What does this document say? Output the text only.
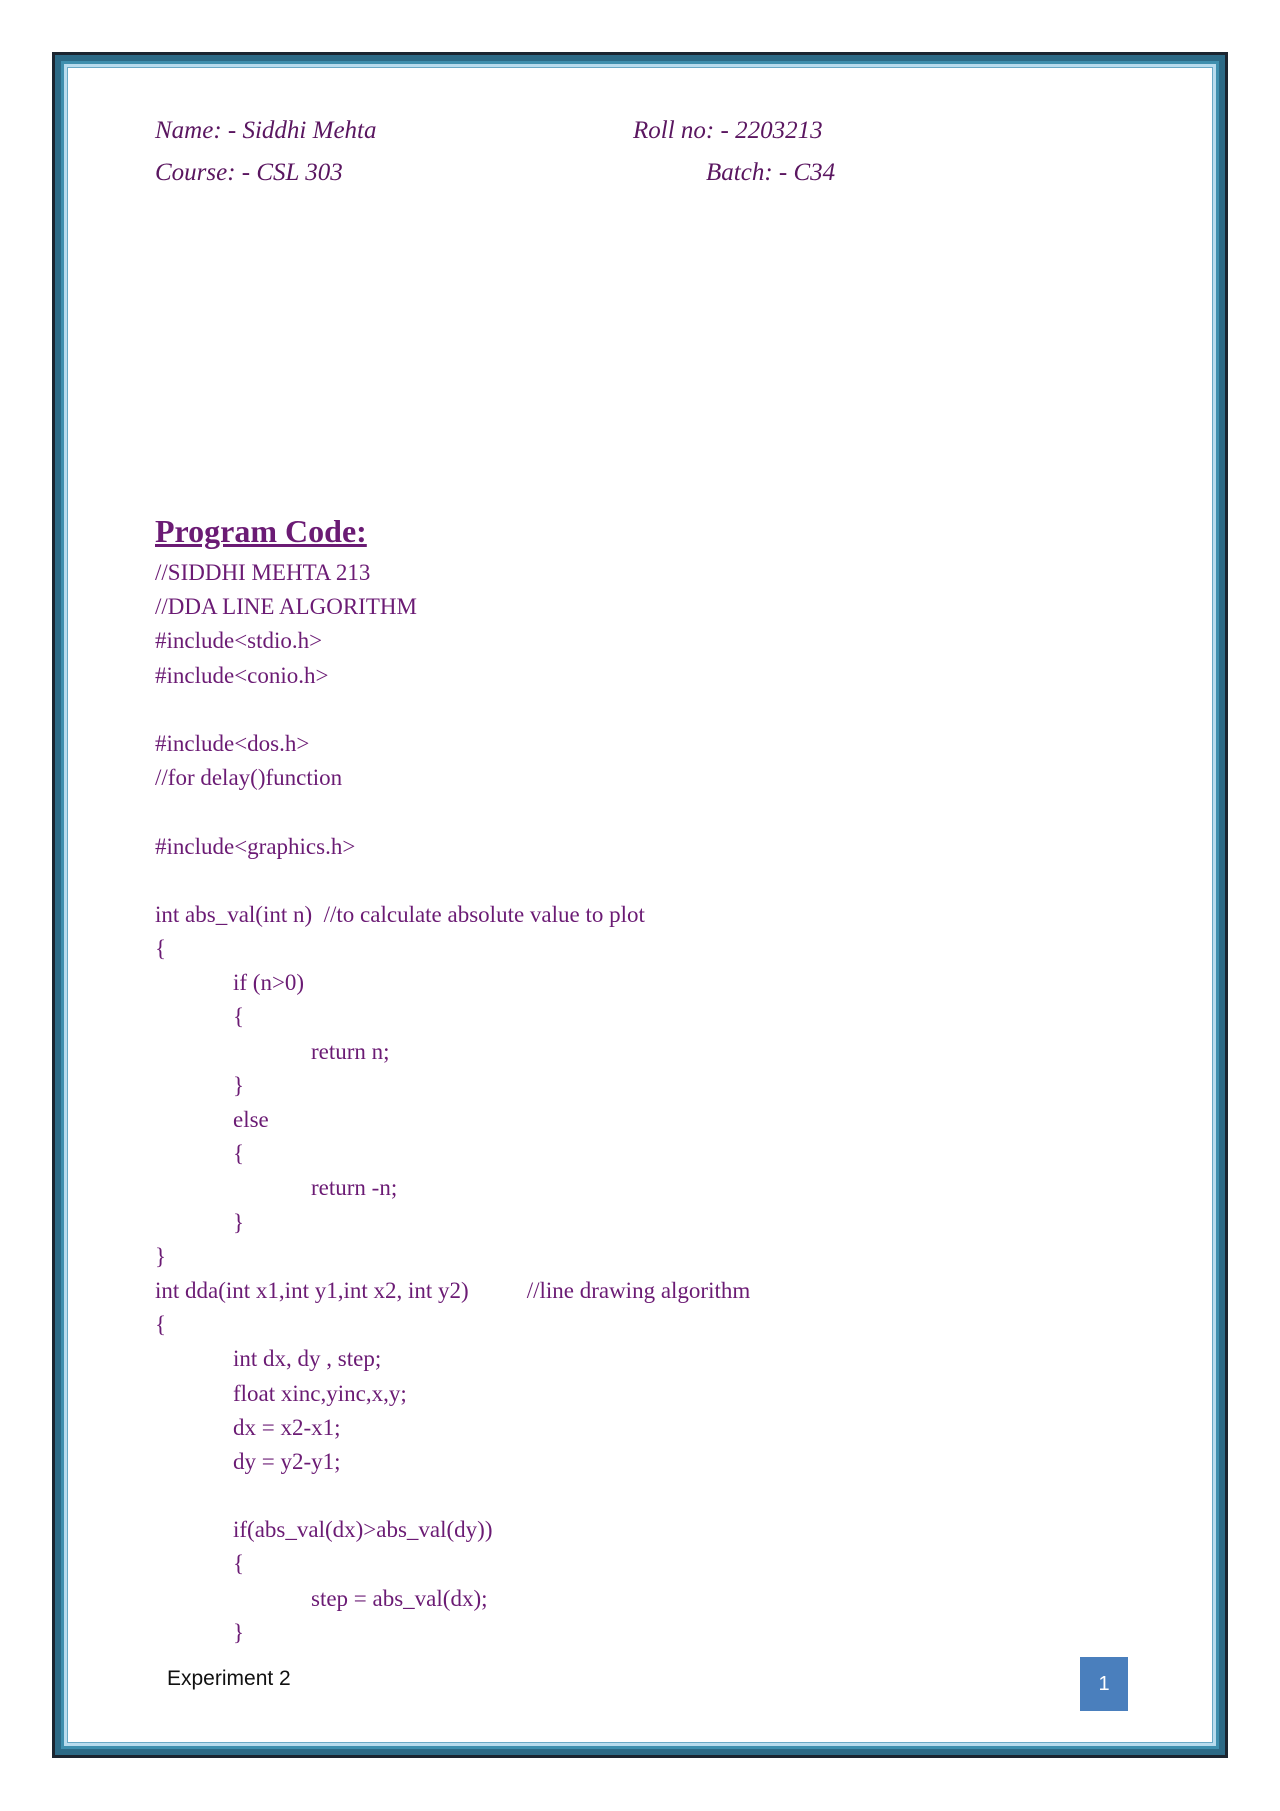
Name: - Siddhi Mehta	Roll no: - 2203213
Course: - CSL 303	Batch: - C34
Program Code:
//SIDDHI MEHTA 213
//DDA LINE ALGORITHM
#include<stdio.h>
#include<conio.h>
#include<dos.h>
//for delay()function
#include<graphics.h>
int abs_val(int n)  //to calculate absolute value to plot
{
if (n>0)
{
return n;
}
else
{
return -n;
}
}
int dda(int x1,int y1,int x2, int y2)	//line drawing algorithm
{
int dx, dy , step;
float xinc,yinc,x,y;
dx = x2-x1;
dy = y2-y1;
if(abs_val(dx)>abs_val(dy))
{
step = abs_val(dx);
}
Experiment 2	1
